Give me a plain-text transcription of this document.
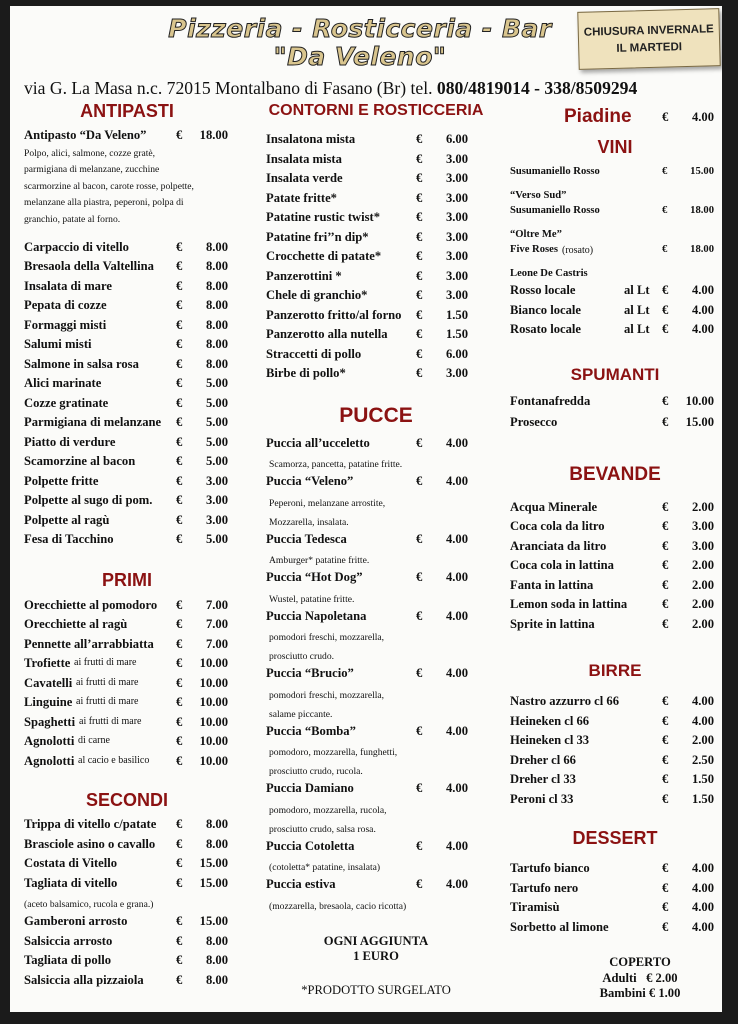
Pizzeria - Rosticceria - Bar
"Da Veleno"
CHIUSURA INVERNALE
IL MARTEDI
via G. La Masa n.c. 72015 Montalbano di Fasano (Br) tel. 080/4819014 - 338/8509294
ANTIPASTI
Antipasto “Da Veleno” €	18.00
Polpo, alici, salmone, cozze gratè,
parmigiana di melanzane, zucchine
scarmorzine al bacon, carote rosse, polpette,
melanzane alla piastra, peperoni, polpa di
granchio, patate al forno.
Carpaccio di vitello	€	8.00
Bresaola della Valtellina €	8.00
Insalata di mare	€	8.00
Pepata di cozze	€	8.00
Formaggi misti	€	8.00
Salumi misti	€	8.00
Salmone in salsa rosa	€	8.00
Alici marinate	€	5.00
Cozze gratinate	€	5.00
Parmigiana di melanzane €	5.00
Piatto di verdure	€	5.00
Scamorzine al bacon	€	5.00
Polpette fritte	€	3.00
Polpette al sugo di pom. €	3.00
Polpette al ragù	€	3.00
Fesa di Tacchino	€	5.00
PRIMI
Orecchiette al pomodoro €	7.00
Orecchiette al ragù	€	7.00
Pennette all’arrabbiatta €	7.00
Trofiette ai frutti di mare	€	10.00
Cavatelli ai frutti di mare	€	10.00
Linguine ai frutti di mare	€	10.00
Spaghetti ai frutti di mare	€	10.00
Agnolotti di carne	€	10.00
Agnolotti al cacio e basilico €	10.00
SECONDI
Trippa di vitello c/patate €	8.00
Brasciole asino o cavallo €	8.00
Costata di Vitello	€	15.00
Tagliata di vitello	€	15.00
(aceto balsamico, rucola e grana.)
Gamberoni arrosto	€	15.00
Salsiccia arrosto	€	8.00
Tagliata di pollo	€	8.00
Salsiccia alla pizzaiola	€	8.00
CONTORNI E ROSTICCERIA
Insalatona mista	€	6.00
Insalata mista	€	3.00
Insalata verde	€	3.00
Patate fritte*	€	3.00
Patatine rustic twist*	€	3.00
Patatine fri’’n dip*	€	3.00
Crocchette di patate*	€	3.00
Panzerottini *	€	3.00
Chele di granchio*	€	3.00
Panzerotto fritto/al forno €	1.50
Panzerotto alla nutella €	1.50
Straccetti di pollo	€	6.00
Birbe di pollo*	€	3.00
PUCCE
Puccia all’ucceletto	€	4.00
Scamorza, pancetta, patatine fritte.
Puccia “Veleno”	€	4.00
Peperoni, melanzane arrostite,
Mozzarella, insalata.
Puccia Tedesca	€	4.00
Amburger* patatine fritte.
Puccia “Hot Dog”	€	4.00
Wustel, patatine fritte.
Puccia Napoletana	€	4.00
pomodori freschi, mozzarella,
prosciutto crudo.
Puccia “Brucio”	€	4.00
pomodori freschi, mozzarella,
salame piccante.
Puccia “Bomba”	€	4.00
pomodoro, mozzarella, funghetti,
prosciutto crudo, rucola.
Puccia Damiano	€	4.00
pomodoro, mozzarella, rucola,
prosciutto crudo, salsa rosa.
Puccia Cotoletta	€	4.00
(cotoletta* patatine, insalata)
Puccia estiva	€	4.00
(mozzarella, bresaola, cacio ricotta)
OGNI AGGIUNTA
1 EURO
*PRODOTTO SURGELATO
Piadine €	4.00
VINI
Susumaniello Rosso	€	15.00
“Verso Sud”
Susumaniello Rosso	€	18.00
“Oltre Me”
Five Roses (rosato)	€	18.00
Leone De Castris
Rosso locale	al Lt €	4.00
Bianco locale	al Lt €	4.00
Rosato locale	al Lt €	4.00
SPUMANTI
Fontanafredda	€	10.00
Prosecco	€	15.00
BEVANDE
Acqua Minerale	€	2.00
Coca cola da litro	€	3.00
Aranciata da litro	€	3.00
Coca cola in lattina	€	2.00
Fanta in lattina	€	2.00
Lemon soda in lattina	€	2.00
Sprite in lattina	€	2.00
BIRRE
Nastro azzurro cl 66	€	4.00
Heineken cl 66	€	4.00
Heineken cl 33	€	2.00
Dreher cl 66	€	2.50
Dreher cl 33	€	1.50
Peroni cl 33	€	1.50
DESSERT
Tartufo bianco	€	4.00
Tartufo nero	€	4.00
Tiramisù	€	4.00
Sorbetto al limone	€	4.00
COPERTO
Adulti   € 2.00
Bambini € 1.00
